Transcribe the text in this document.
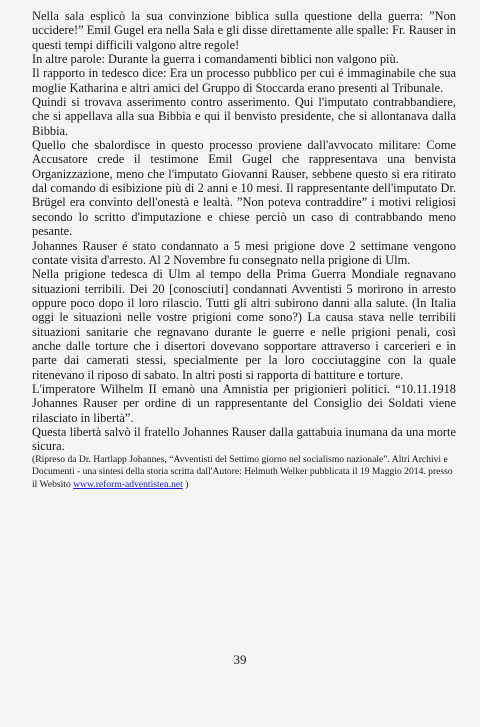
Nella sala esplicò la sua convinzione biblica sulla questione della guerra: ”Non uccidere!” Emil Gugel era nella Sala e gli disse direttamente alle spalle: Fr. Rauser in questi tempi difficili valgono altre regole!

In altre parole: Durante la guerra i comandamenti biblici non valgono più.

Il rapporto in tedesco dice: Era un processo pubblico per cui é immaginabile che sua moglie Katharina e altri amici del Gruppo di Stoccarda erano presenti al Tribunale.

Quindi si trovava asserimento contro asserimento. Qui l'imputato contrabbandiere, che si appellava alla sua Bibbia e qui il benvisto presidente, che si allontanava dalla Bibbia.

Quello che sbalordisce in questo processo proviene dall'avvocato militare: Come Accusatore crede il testimone Emil Gugel che rappresentava una benvista Organizzazione, meno che l'imputato Giovanni Rauser, sebbene questo si era ritirato dal comando di esibizione più di 2 anni e 10 mesi. Il rappresentante dell'imputato Dr. Brügel era convinto dell'onestà e lealtà. ”Non poteva contraddire” i motivi religiosi secondo lo scritto d'imputazione e chiese perciò un caso di contrabbando meno pesante.

Johannes Rauser é stato condannato a 5 mesi prigione dove 2 settimane vengono contate visita d'arresto. Al 2 Novembre fu consegnato nella prigione di Ulm.

Nella prigione tedesca di Ulm al tempo della Prima Guerra Mondiale regnavano situazioni terribili. Dei 20 [conosciuti] condannati Avventisti 5 morirono in arresto oppure poco dopo il loro rilascio. Tutti gli altri subirono danni alla salute. (In Italia oggi le situazioni nelle vostre prigioni come sono?) La causa stava nelle terribili situazioni sanitarie che regnavano durante le guerre e nelle prigioni penali, così anche dalle torture che i disertori dovevano sopportare attraverso i carcerieri e in parte dai camerati stessi, specialmente per la loro cocciutaggine con la quale ritenevano il riposo di sabato. In altri posti si rapporta di battiture e torture.

L'imperatore Wilhelm II emanò una Amnistia per prigionieri politici. “10.11.1918 Johannes Rauser per ordine di un rappresentante del Consiglio dei Soldati viene rilasciato in libertà”.

Questa libertà salvò il fratello Johannes Rauser dalla gattabuia inumana da una morte sicura.

(Ripreso da Dr. Hartlapp Johannes, “Avventisti del Settimo giorno nel socialismo nazionale”. Altri Archivi e Documenti - una sintesi della storia scritta dall'Autore: Helmuth Welker pubblicata il 19 Maggio 2014. presso il Websito www.reform-adventisten.net )

39
